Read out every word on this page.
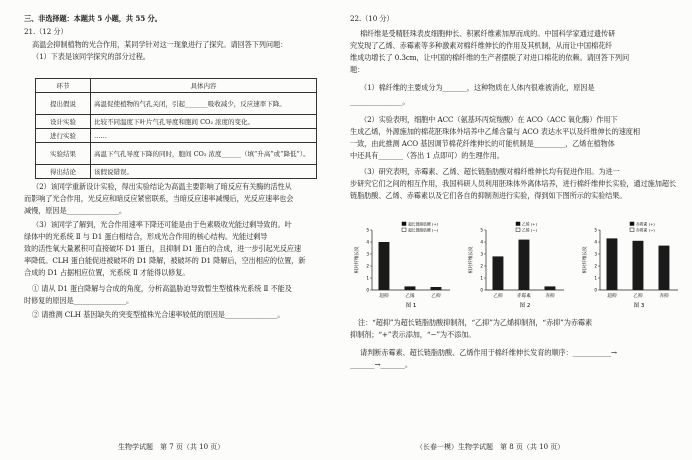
三、非选择题：本题共 5 小题，共 55 分。
21.（12 分）
高温会抑制植物的光合作用，某同学针对这一现象进行了探究。请回答下列问题：
（1）下表是该同学探究的部分过程。
环节	具体内容
提出假说	高温促使植物的气孔关闭，引起_______吸收减少，反应速率下降。
设计实验	比较不同温度下叶片气孔导度和胞间 CO₂ 浓度的变化。
进行实验	……
实验结果	高温下气孔导度下降的同时，胞间 CO₂ 浓度______（填“升高”或“降低”）。
得出结论	该假说错误。
（2）该同学重新设计实验，得出实验结论为高温主要影响了暗反应有关酶的活性从
而影响了光合作用，光反应和暗反应紧密联系，当暗反应速率减慢后，光反应速率也会
减慢，原因是_______________。
（3）该同学了解到，光合作用速率下降还可能是由于色素吸收光能过剩导致的。叶
绿体中的光系统 Ⅱ 与 D1 蛋白相结合，形成光合作用的核心结构。光能过剩导
致的活性氧大量累积可直接破坏 D1 蛋白，且抑制 D1 蛋白的合成，进一步引起光反应速
率降低。CLH 蛋白能促进被破坏的 D1 降解，被破坏的 D1 降解后，空出相应的位置，新
合成的 D1 占据相应位置，光系统 Ⅱ 才能得以修复。
① 请从 D1 蛋白降解与合成的角度，分析高温胁迫导致暂生型植株光系统 Ⅱ 不能及
时修复的原因是_______________。
② 请推测 CLH 基因缺失的突变型植株光合速率较低的原因是_______________。
生物学试题　第 7 页（共 10 页）
22.（10 分）
棉纤维是受精胚珠表皮细胞伸长、积累纤维素加厚而成的。中国科学家通过遗传研
究发现了乙烯、赤霉素等多种激素对棉纤维伸长的作用及其机制，从而让中国棉花纤
维成功增长了 0.3cm，让中国的棉纤维的生产者摆脱了对进口棉花的依赖。请回答下列问
题：
（1）棉纤维的主要成分为_______，这种物质在人体内很难被消化，原因是
_______________。
（2）实验表明，细胞中 ACC（氨基环丙烷羧酸）在 ACO（ACC 氧化酶）作用下
生成乙烯，外源施加的棉花胚珠体外培养中乙烯含量与 ACO 表达水平以及纤维伸长的速度相
一致，由此推测 ACO 基因调节棉花纤维伸长的可能机制是_________，乙烯在植物体
中还具有_______（答出 1 点即可）的生理作用。
（3）研究表明，赤霉素、乙烯、超长链脂肪酸对棉纤维伸长均有促进作用。为进一
步研究它们之间的相互作用，我国科研人员利用胚珠体外离体培养，进行棉纤维伸长实验，通过施加超长
链脂肪酸、乙烯、赤霉素以及它们各自的抑制剂进行实验，得到如下图所示的实验结果。
相对纤维长度
0
1
2
3
4
5
超长链脂肪酸 (+)
超长链脂肪酸 (−)
超抑	乙烯	乙抑
图 1
相对纤维长度
0
1
2
3
4
5
乙烯 (+)
乙烯 (−)
乙抑	赤霉素	赤抑
图 2
相对纤维长度
0
1
2
3
4
5
赤霉素 (+)
赤霉素 (−)
超抑	乙抑	赤抑
图 3
注：“超抑”为超长链脂肪酸抑制剂，“乙抑”为乙烯抑制剂，“赤抑”为赤霉素
抑制剂；“+”表示添加，“−”为不添加。
请判断赤霉素、超长链脂肪酸、乙烯作用于棉纤维伸长发育的顺序：___________→
_______→_______。
（长春一模）生物学试题　第 8 页（共 10 页）
